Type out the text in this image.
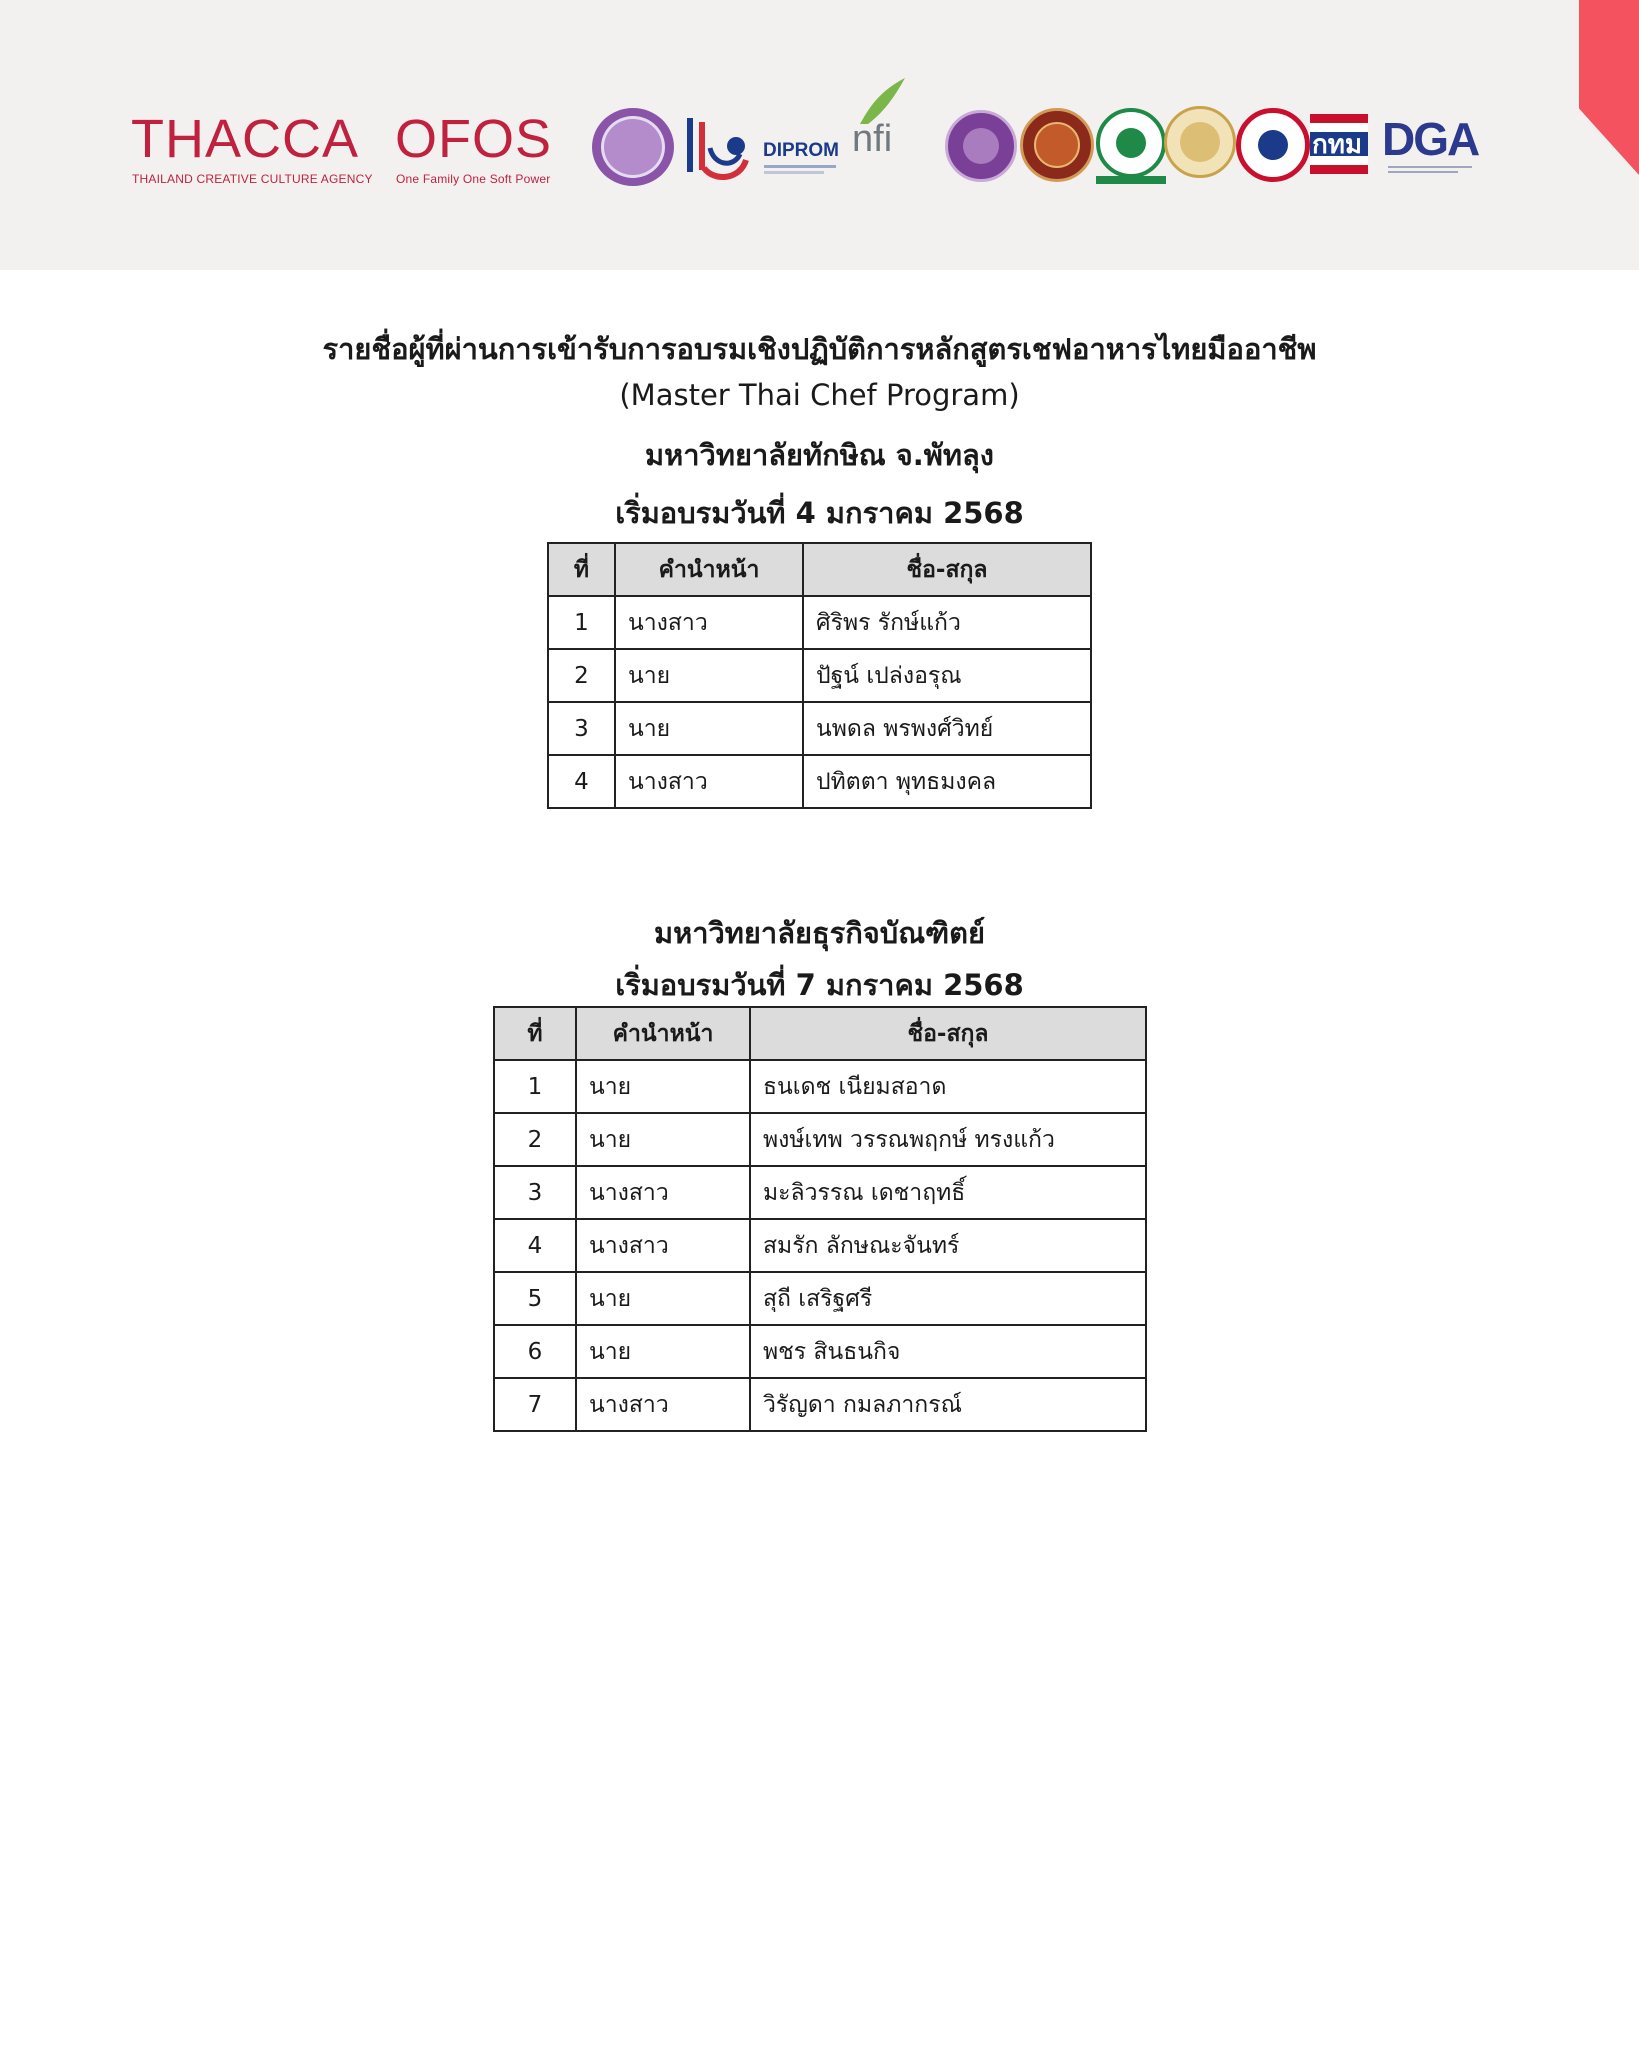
THACCA
THAILAND CREATIVE CULTURE AGENCY
OFOS
One Family One Soft Power
DIPROM nfi	กทม DGA
รายชื่อผู้ที่ผ่านการเข้ารับการอบรมเชิงปฏิบัติการหลักสูตรเชฟอาหารไทยมืออาชีพ
(Master Thai Chef Program)
มหาวิทยาลัยทักษิณ จ.พัทลุง
เริ่มอบรมวันที่ 4 มกราคม 2568
ที่	คำนำหน้า	ชื่อ-สกุล
1	นางสาว	ศิริพร รักษ์แก้ว
2	นาย	ปัฐน์ เปล่งอรุณ
3	นาย	นพดล พรพงศ์วิทย์
4	นางสาว	ปทิตตา พุทธมงคล
มหาวิทยาลัยธุรกิจบัณฑิตย์
เริ่มอบรมวันที่ 7 มกราคม 2568
ที่	คำนำหน้า	ชื่อ-สกุล
1	นาย	ธนเดช เนียมสอาด
2	นาย	พงษ์เทพ วรรณพฤกษ์ ทรงแก้ว
3	นางสาว	มะลิวรรณ เดชาฤทธิ์
4	นางสาว	สมรัก ลักษณะจันทร์
5	นาย	สุถี เสริฐศรี
6	นาย	พชร สินธนกิจ
7	นางสาว	วิรัญดา กมลภากรณ์
